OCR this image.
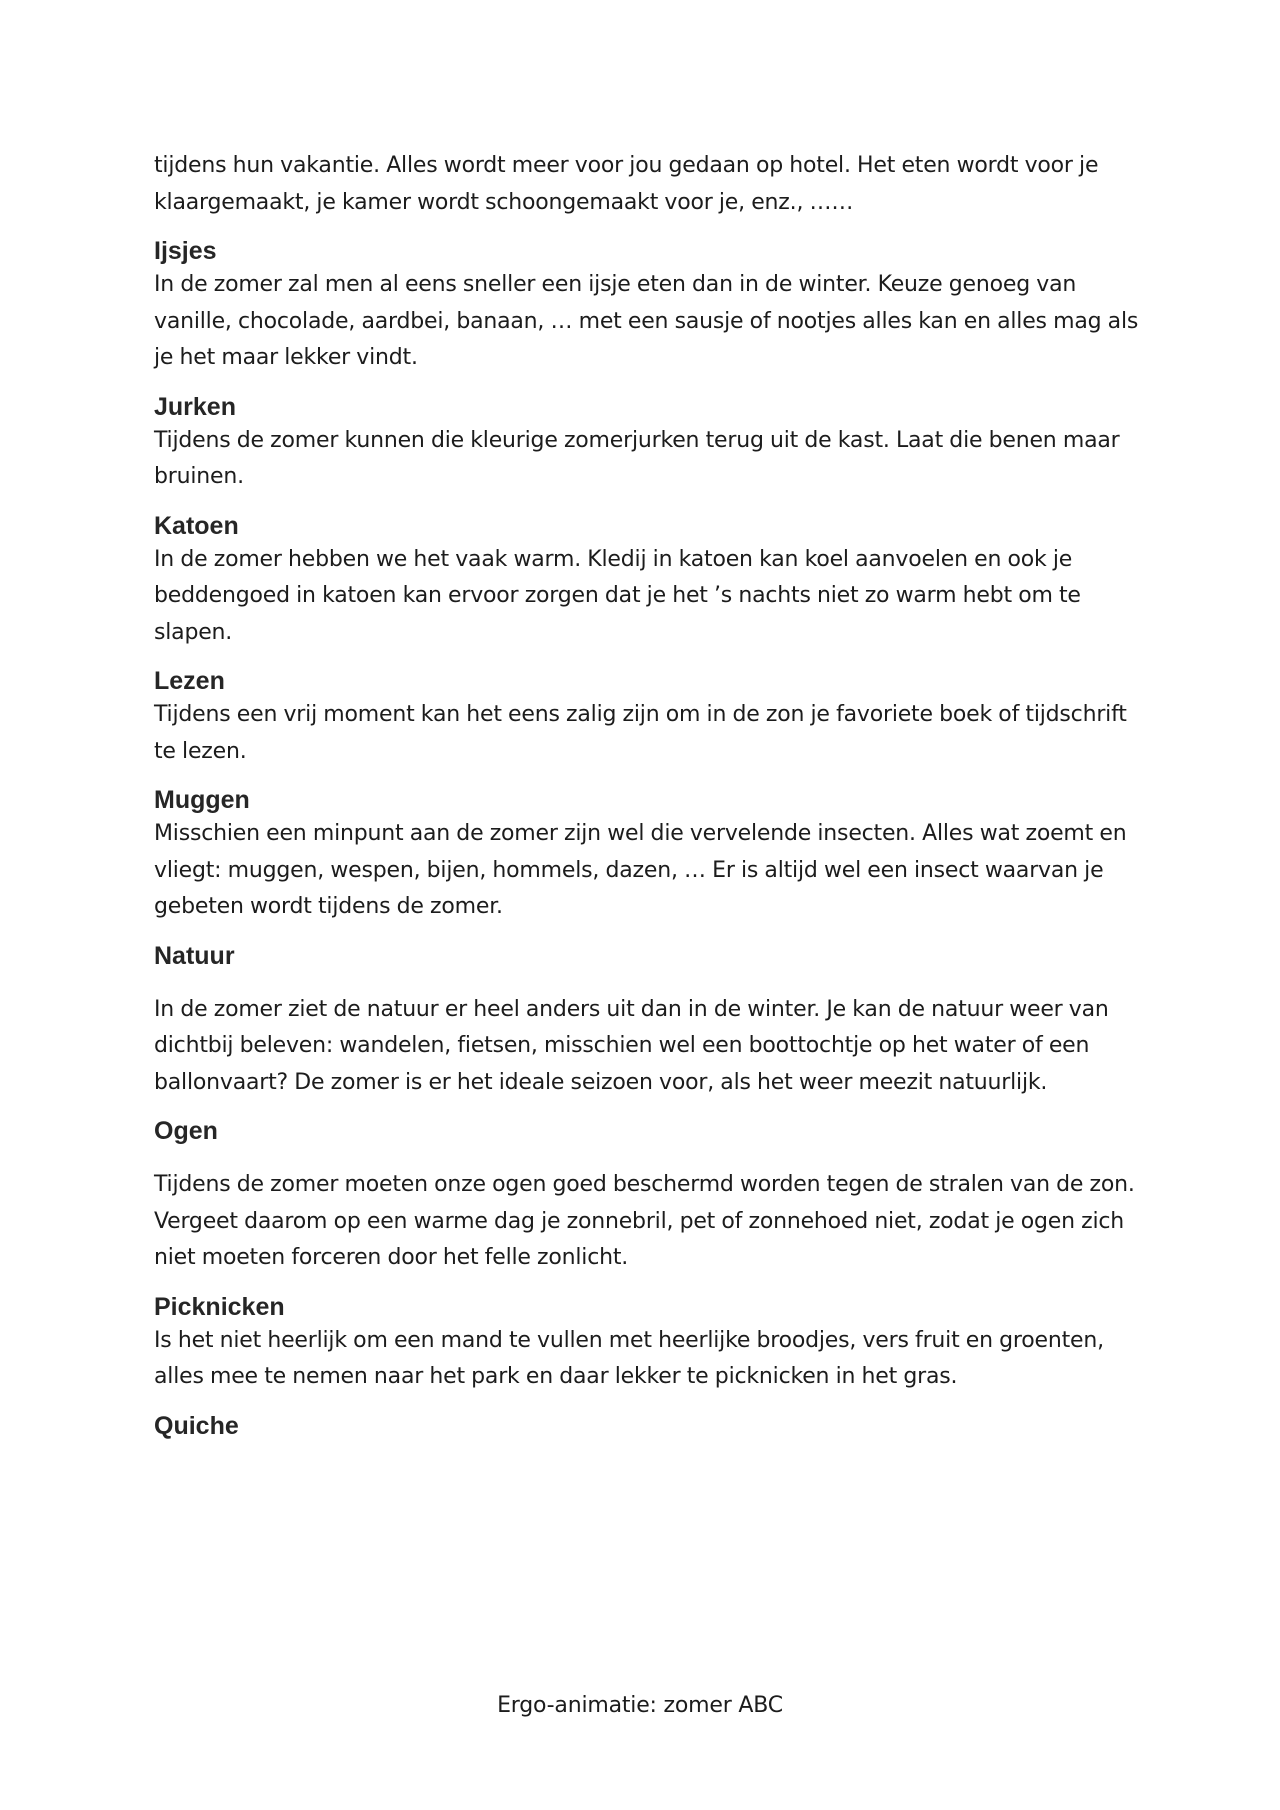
tijdens hun vakantie. Alles wordt meer voor jou gedaan op hotel. Het eten wordt voor je klaargemaakt, je kamer wordt schoongemaakt voor je, enz., ……

Ijsjes

In de zomer zal men al eens sneller een ijsje eten dan in de winter. Keuze genoeg van vanille, chocolade, aardbei, banaan, … met een sausje of nootjes alles kan en alles mag als je het maar lekker vindt.

Jurken

Tijdens de zomer kunnen die kleurige zomerjurken terug uit de kast. Laat die benen maar bruinen.

Katoen

In de zomer hebben we het vaak warm. Kledij in katoen kan koel aanvoelen en ook je beddengoed in katoen kan ervoor zorgen dat je het ’s nachts niet zo warm hebt om te slapen.

Lezen

Tijdens een vrij moment kan het eens zalig zijn om in de zon je favoriete boek of tijdschrift te lezen.

Muggen

Misschien een minpunt aan de zomer zijn wel die vervelende insecten. Alles wat zoemt en vliegt: muggen, wespen, bijen, hommels, dazen, … Er is altijd wel een insect waarvan je gebeten wordt tijdens de zomer.

Natuur

In de zomer ziet de natuur er heel anders uit dan in de winter. Je kan de natuur weer van dichtbij beleven: wandelen, fietsen, misschien wel een boottochtje op het water of een ballonvaart? De zomer is er het ideale seizoen voor, als het weer meezit natuurlijk.

Ogen

Tijdens de zomer moeten onze ogen goed beschermd worden tegen de stralen van de zon. Vergeet daarom op een warme dag je zonnebril, pet of zonnehoed niet, zodat je ogen zich niet moeten forceren door het felle zonlicht.

Picknicken

Is het niet heerlijk om een mand te vullen met heerlijke broodjes, vers fruit en groenten, alles mee te nemen naar het park en daar lekker te picknicken in het gras.

Quiche
Ergo-animatie: zomer ABC
